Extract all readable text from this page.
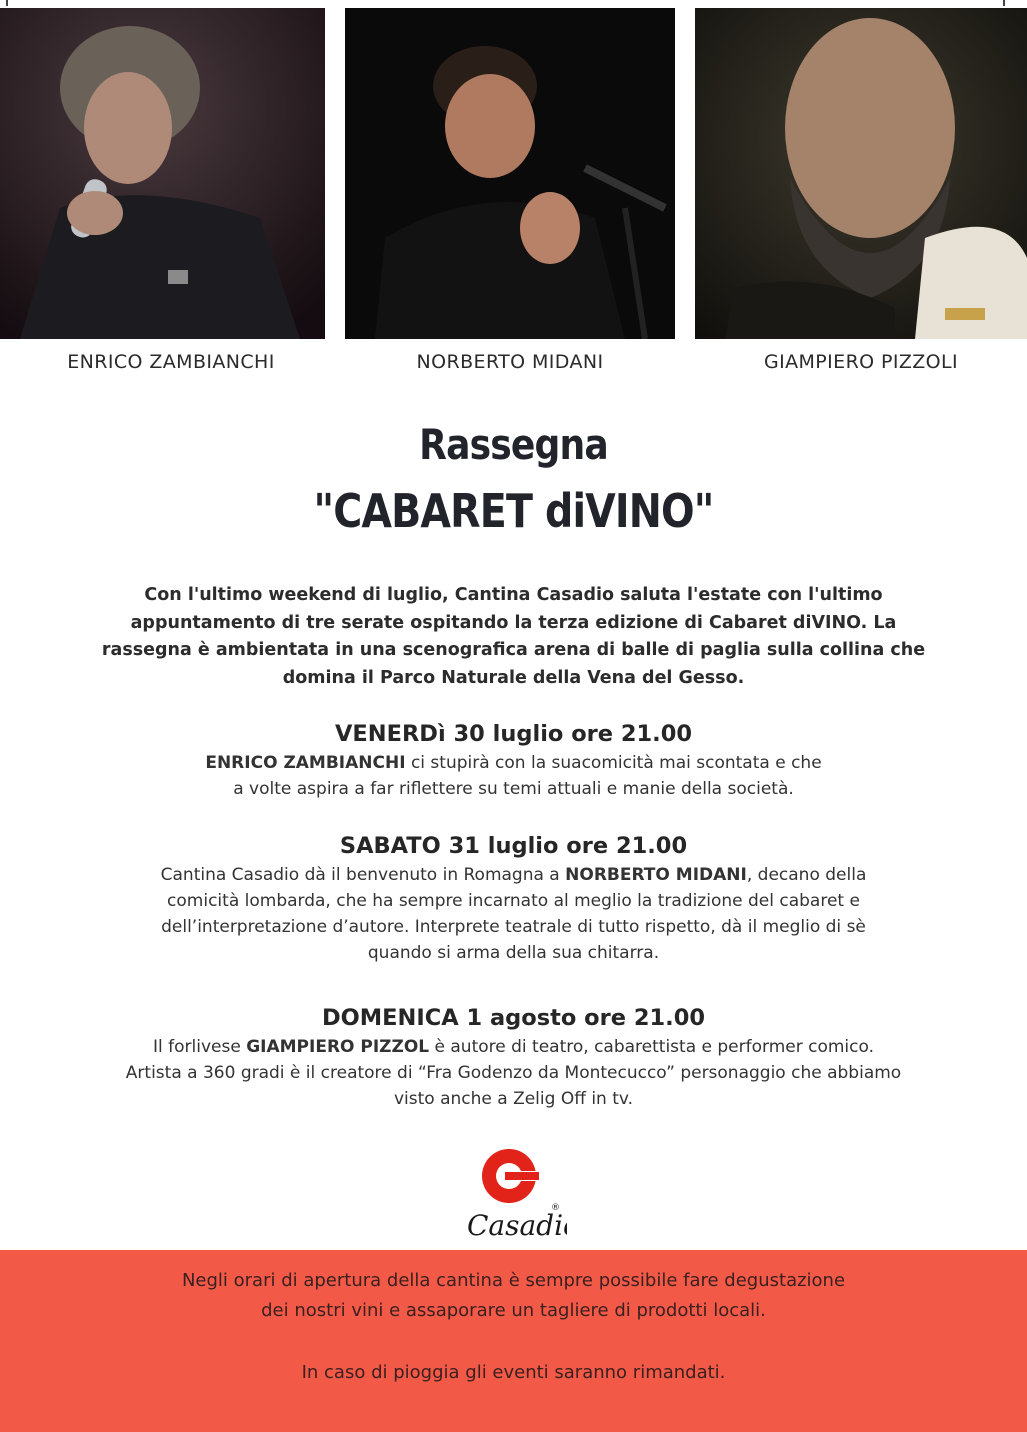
ENRICO ZAMBIANCHI	NORBERTO MIDANI	GIAMPIERO PIZZOLI
Rassegna
"CABARET diVINO"
Con l'ultimo weekend di luglio, Cantina Casadio saluta l'estate con l'ultimo
appuntamento di tre serate ospitando la terza edizione di Cabaret diVINO. La
rassegna è ambientata in una scenografica arena di balle di paglia sulla collina che
domina il Parco Naturale della Vena del Gesso.
VENERDì 30 luglio ore 21.00

ENRICO ZAMBIANCHI ci stupirà con la suacomicità mai scontata e che

a volte aspira a far riflettere su temi attuali e manie della società.

SABATO 31 luglio ore 21.00

Cantina Casadio dà il benvenuto in Romagna a NORBERTO MIDANI, decano della

comicità lombarda, che ha sempre incarnato al meglio la tradizione del cabaret e

dell’interpretazione d’autore. Interprete teatrale di tutto rispetto, dà il meglio di sè

quando si arma della sua chitarra.

DOMENICA 1 agosto ore 21.00

Il forlivese GIAMPIERO PIZZOL è autore di teatro, cabarettista e performer comico.

Artista a 360 gradi è il creatore di “Fra Godenzo da Montecucco” personaggio che abbiamo

visto anche a Zelig Off in tv.

Casadi
®

Negli orari di apertura della cantina è sempre possibile fare degustazione
dei nostri vini e assaporare un tagliere di prodotti locali.

In caso di pioggia gli eventi saranno rimandati.
